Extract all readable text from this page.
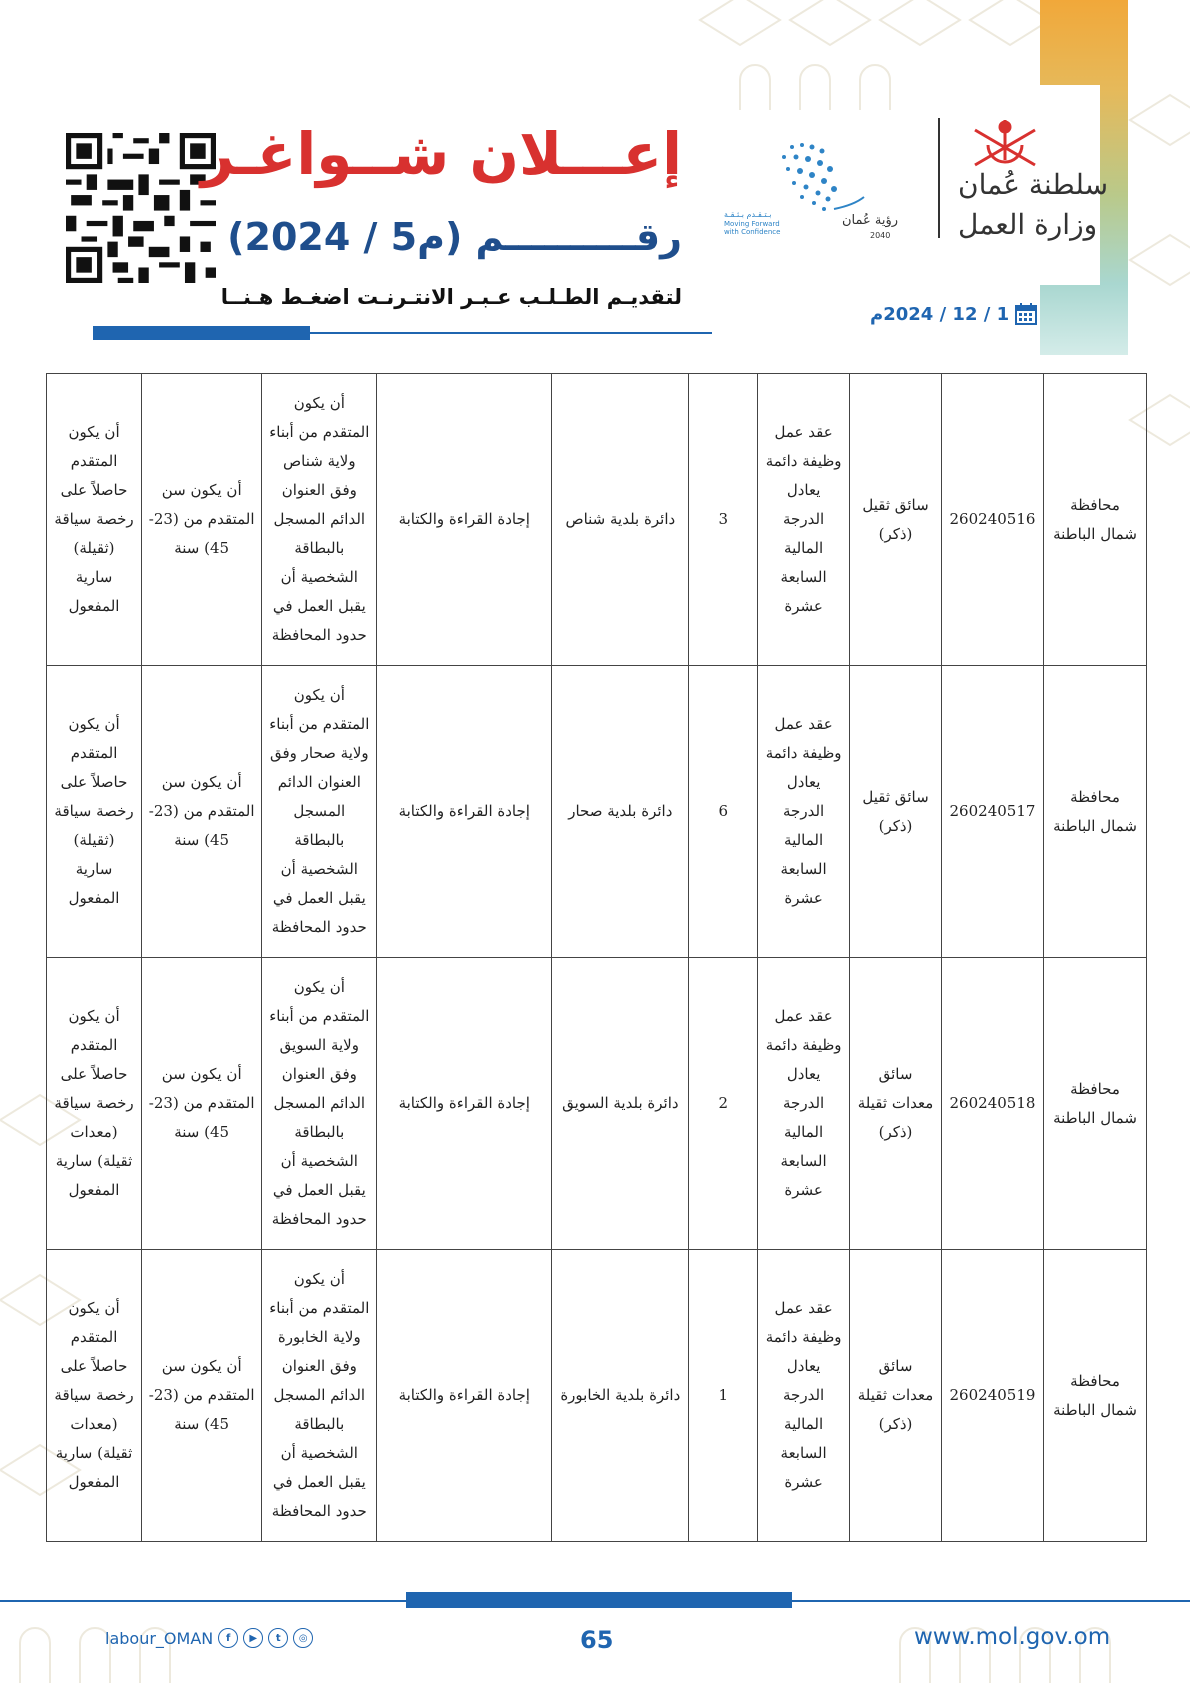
إعـــلان شــواغـر
رقــــــــــم (م5 / 2024)
لتقديـم الطـلـب عـبـر الانتـرنـت اضغـط هـنــا
1 / 12 / 2024م
سلطنة عُمان
وزارة العمل
رؤية عُمان
2040
بـتـقـدم بـثـقـة
Moving Forward
with Confidence
محافظة شمال الباطنة	260240516	سائق ثقيل (ذكر)	عقد عمل وظيفة دائمة يعادل الدرجة المالية السابعة عشرة	3	دائرة بلدية شناص	إجادة القراءة والكتابة	أن يكون المتقدم من أبناء ولاية شناص وفق العنوان الدائم المسجل بالبطاقة الشخصية أن يقبل العمل في حدود المحافظة	أن يكون سن المتقدم من (23-45) سنة	أن يكون المتقدم حاصلاً على رخصة سياقة (ثقيلة) سارية المفعول
محافظة شمال الباطنة	260240517	سائق ثقيل (ذكر)	عقد عمل وظيفة دائمة يعادل الدرجة المالية السابعة عشرة	6	دائرة بلدية صحار	إجادة القراءة والكتابة	أن يكون المتقدم من أبناء ولاية صحار وفق العنوان الدائم المسجل بالبطاقة الشخصية أن يقبل العمل في حدود المحافظة	أن يكون سن المتقدم من (23-45) سنة	أن يكون المتقدم حاصلاً على رخصة سياقة (ثقيلة) سارية المفعول
محافظة شمال الباطنة	260240518	سائق معدات ثقيلة (ذكر)	عقد عمل وظيفة دائمة يعادل الدرجة المالية السابعة عشرة	2	دائرة بلدية السويق	إجادة القراءة والكتابة	أن يكون المتقدم من أبناء ولاية السويق وفق العنوان الدائم المسجل بالبطاقة الشخصية أن يقبل العمل في حدود المحافظة	أن يكون سن المتقدم من (23-45) سنة	أن يكون المتقدم حاصلاً على رخصة سياقة (معدات ثقيلة) سارية المفعول
محافظة شمال الباطنة	260240519	سائق معدات ثقيلة (ذكر)	عقد عمل وظيفة دائمة يعادل الدرجة المالية السابعة عشرة	1	دائرة بلدية الخابورة	إجادة القراءة والكتابة	أن يكون المتقدم من أبناء ولاية الخابورة وفق العنوان الدائم المسجل بالبطاقة الشخصية أن يقبل العمل في حدود المحافظة	أن يكون سن المتقدم من (23-45) سنة	أن يكون المتقدم حاصلاً على رخصة سياقة (معدات ثقيلة) سارية المفعول
labour_OMAN	f	▶	t	◎	65	www.mol.gov.om
